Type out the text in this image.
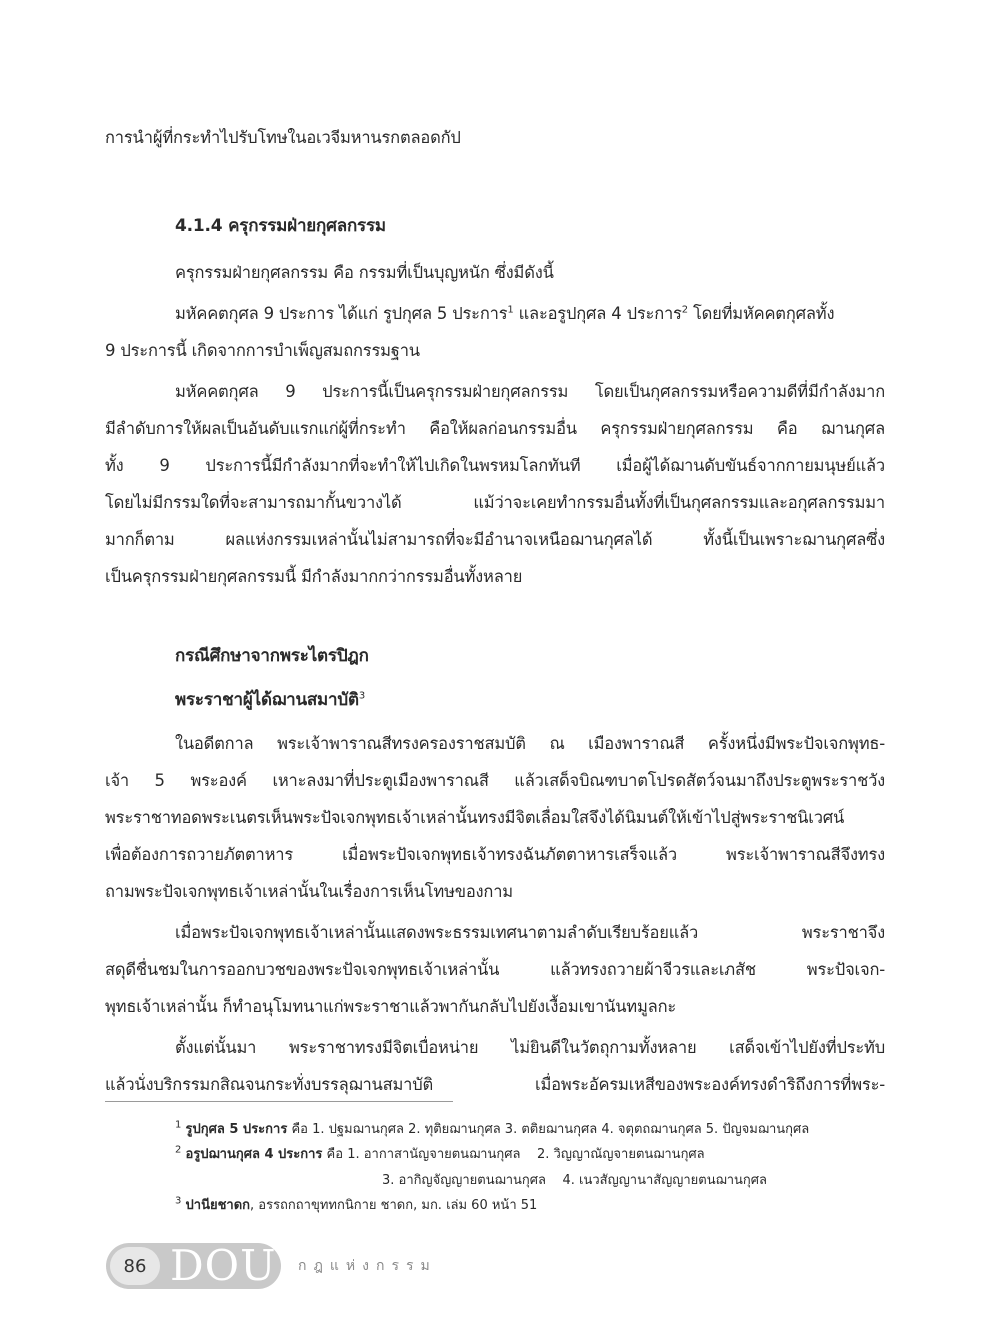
การนำผู้ที่กระทำไปรับโทษในอเวจีมหานรกตลอดกัป
4.1.4 ครุกรรมฝ่ายกุศลกรรม
ครุกรรมฝ่ายกุศลกรรม คือ กรรมที่เป็นบุญหนัก ซึ่งมีดังนี้
มหัคคตกุศล 9 ประการ ได้แก่ รูปกุศล 5 ประการ$^1$ และอรูปกุศล 4 ประการ$^2$ โดยที่มหัคคตกุศลทั้ง
9 ประการนี้ เกิดจากการบำเพ็ญสมถกรรมฐาน
มหัคคตกุศล 9 ประการนี้เป็นครุกรรมฝ่ายกุศลกรรม โดยเป็นกุศลกรรมหรือความดีที่มีกำลังมาก
มีลำดับการให้ผลเป็นอันดับแรกแก่ผู้ที่กระทำ คือให้ผลก่อนกรรมอื่น ครุกรรมฝ่ายกุศลกรรม คือ ฌานกุศล
ทั้ง 9 ประการนี้มีกำลังมากที่จะทำให้ไปเกิดในพรหมโลกทันที เมื่อผู้ได้ฌานดับขันธ์จากกายมนุษย์แล้ว
โดยไม่มีกรรมใดที่จะสามารถมากั้นขวางได้ แม้ว่าจะเคยทำกรรมอื่นทั้งที่เป็นกุศลกรรมและอกุศลกรรมมา
มากก็ตาม ผลแห่งกรรมเหล่านั้นไม่สามารถที่จะมีอำนาจเหนือฌานกุศลได้ ทั้งนี้เป็นเพราะฌานกุศลซึ่ง
เป็นครุกรรมฝ่ายกุศลกรรมนี้ มีกำลังมากกว่ากรรมอื่นทั้งหลาย
กรณีศึกษาจากพระไตรปิฎก
พระราชาผู้ได้ฌานสมาบัติ$^3$
ในอดีตกาล พระเจ้าพาราณสีทรงครองราชสมบัติ ณ เมืองพาราณสี ครั้งหนึ่งมีพระปัจเจกพุทธ-
เจ้า 5 พระองค์ เหาะลงมาที่ประตูเมืองพาราณสี แล้วเสด็จบิณฑบาตโปรดสัตว์จนมาถึงประตูพระราชวัง
พระราชาทอดพระเนตรเห็นพระปัจเจกพุทธเจ้าเหล่านั้นทรงมีจิตเลื่อมใสจึงได้นิมนต์ให้เข้าไปสู่พระราชนิเวศน์
เพื่อต้องการถวายภัตตาหาร เมื่อพระปัจเจกพุทธเจ้าทรงฉันภัตตาหารเสร็จแล้ว พระเจ้าพาราณสีจึงทรง
ถามพระปัจเจกพุทธเจ้าเหล่านั้นในเรื่องการเห็นโทษของกาม
เมื่อพระปัจเจกพุทธเจ้าเหล่านั้นแสดงพระธรรมเทศนาตามลำดับเรียบร้อยแล้ว พระราชาจึง
สดุดีชื่นชมในการออกบวชของพระปัจเจกพุทธเจ้าเหล่านั้น แล้วทรงถวายผ้าจีวรและเภสัช พระปัจเจก-
พุทธเจ้าเหล่านั้น ก็ทำอนุโมทนาแก่พระราชาแล้วพากันกลับไปยังเงื้อมเขานันทมูลกะ
ตั้งแต่นั้นมา พระราชาทรงมีจิตเบื่อหน่าย ไม่ยินดีในวัตถุกามทั้งหลาย เสด็จเข้าไปยังที่ประทับ
แล้วนั่งบริกรรมกสิณจนกระทั่งบรรลุฌานสมาบัติ เมื่อพระอัครมเหสีของพระองค์ทรงดำริถึงการที่พระ-
$^1$ รูปกุศล 5 ประการ คือ 1. ปฐมฌานกุศล 2. ทุติยฌานกุศล 3. ตติยฌานกุศล 4. จตุตถฌานกุศล 5. ปัญจมฌานกุศล
$^2$ อรูปฌานกุศล 4 ประการ คือ 1. อากาสานัญจายตนฌานกุศล    2. วิญญาณัญจายตนฌานกุศล
3. อากิญจัญญายตนฌานกุศล    4. เนวสัญญานาสัญญายตนฌานกุศล
$^3$ ปานียชาดก, อรรถกถาขุททกนิกาย ชาดก, มก. เล่ม 60 หน้า 51
86 DOU กฎแห่งกรรม
